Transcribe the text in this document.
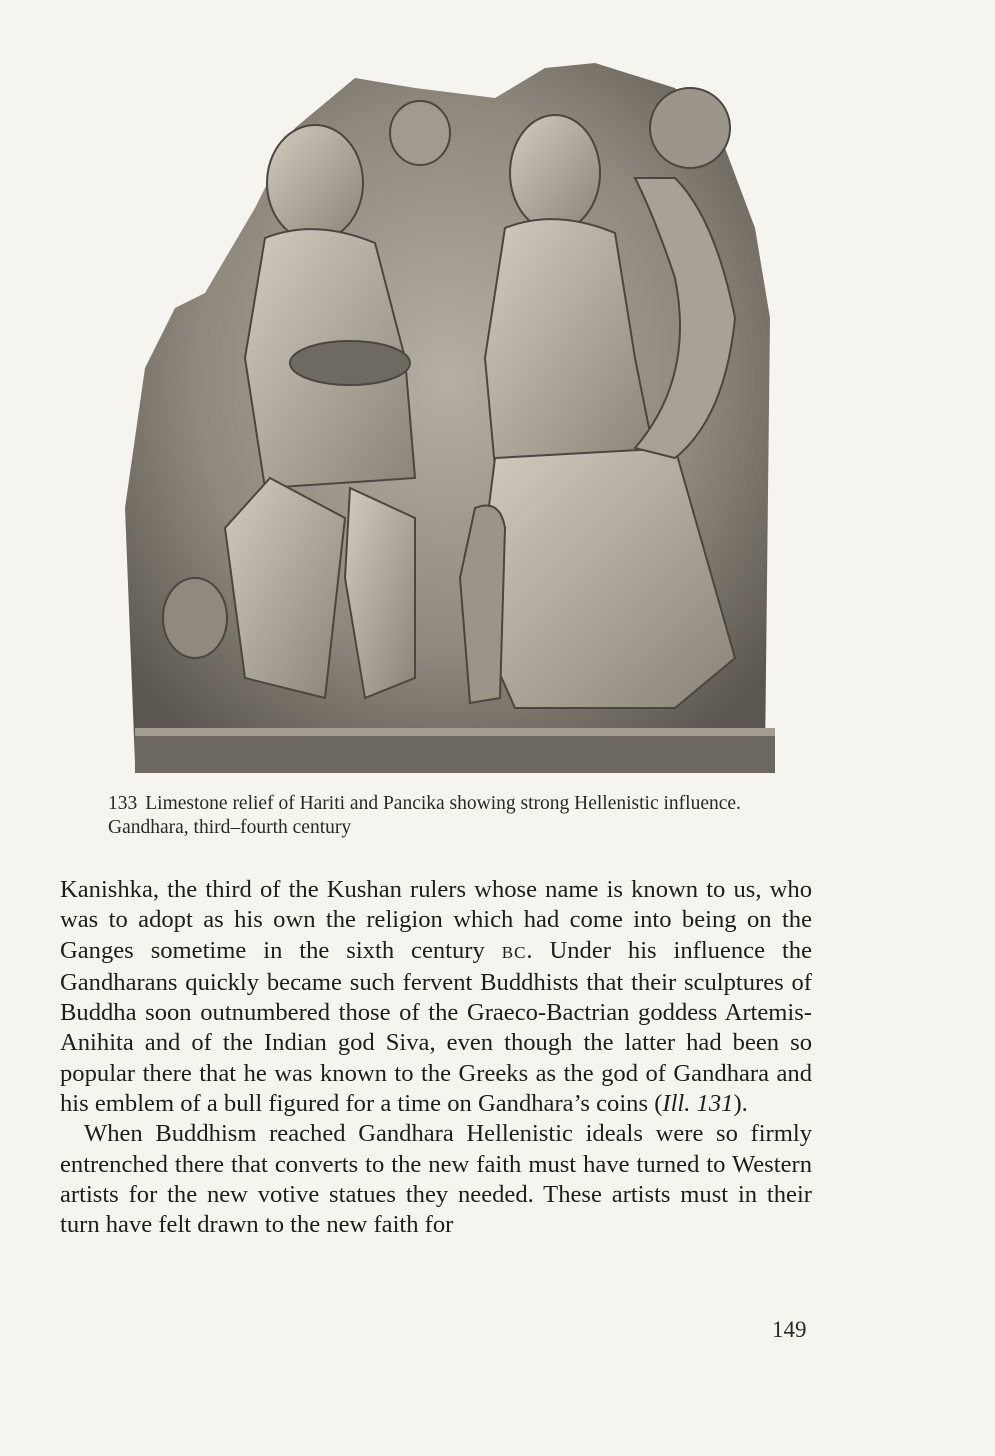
133 Limestone relief of Hariti and Pancika showing strong Hellenistic influence. Gandhara, third–fourth century

Kanishka, the third of the Kushan rulers whose name is known to us, who was to adopt as his own the religion which had come into being on the Ganges sometime in the sixth century BC. Under his influence the Gandharans quickly became such fervent Buddhists that their sculptures of Buddha soon outnumbered those of the Graeco-Bactrian goddess Artemis-Anihita and of the Indian god Siva, even though the latter had been so popular there that he was known to the Greeks as the god of Gandhara and his emblem of a bull figured for a time on Gandhara’s coins (Ill. 131).

When Buddhism reached Gandhara Hellenistic ideals were so firmly entrenched there that converts to the new faith must have turned to Western artists for the new votive statues they needed. These artists must in their turn have felt drawn to the new faith for

149
